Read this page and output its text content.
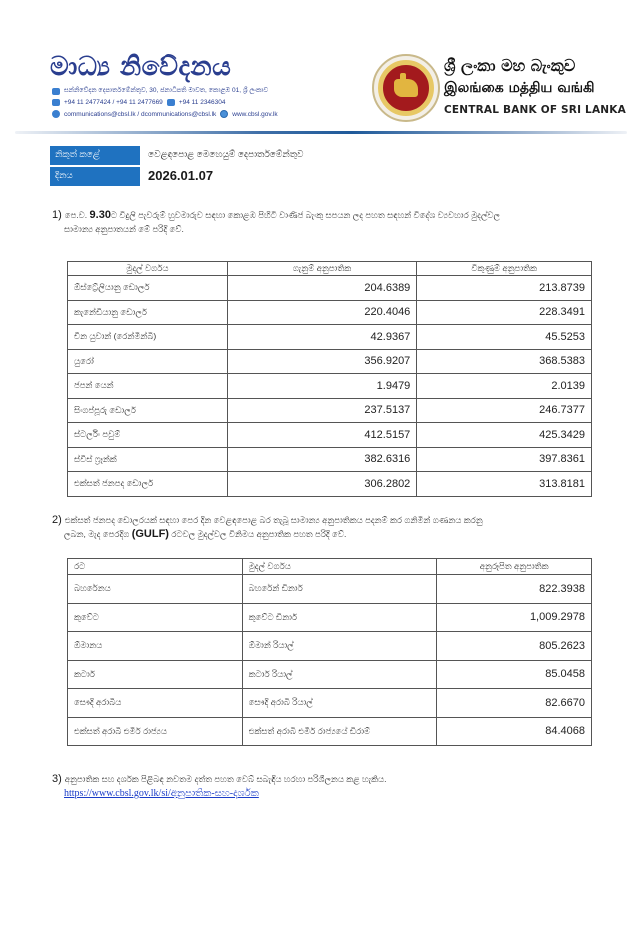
මාධ්‍ය නිවේදනය
සන්නිවේදන දෙපාර්තමේන්තුව, 30, ජනාධිපති මාවත, කොළඹ 01, ශ්‍රී ලංකාව
+94 11 2477424 / +94 11 2477669 +94 11 2346304
communications@cbsl.lk / dcommunications@cbsl.lk www.cbsl.gov.lk
ශ්‍රී ලංකා මහ බැංකුව
இலங்கை மத்திய வங்கி
CENTRAL BANK OF SRI LANKA
නිකුත් කළේ	වෙළඳපොළ මෙහෙයුම් දෙපාර්තමේන්තුව
දිනය	2026.01.07
1) පෙ.ව. 9.30ට විදුලි පැවරුම් හුවමාරුව සඳහා කොළඹ පිහිටි වාණිජ බැංකු සපයන ලද පහත සඳහන් විදේශ ව්‍යවහාර මුදල්වල
සාමාන්‍ය අනුපාතයන් මේ පරිදි වේ.
මුදල් වර්ගය	ගැනුම් අනුපාතික	විකුණුම් අනුපාතික
ඕස්ට්‍රේලියානු ඩොලර්	204.6389	213.8739
කැනේඩියානු ඩොලර්	220.4046	228.3491
චීන යුවාන් (රෙන්මින්බි)	42.9367	45.5253
යුරෝ	356.9207	368.5383
ජපන් යෙන්	1.9479	2.0139
සිංගප්පූරු ඩොලර්	237.5137	246.7377
ස්ටර්ලිං පවුම්	412.5157	425.3429
ස්විස් ෆ්‍රෑන්ක්	382.6316	397.8361
එක්සත් ජනපද ඩොලර්	306.2802	313.8181
2) එක්සත් ජනපද ඩොලරයක් සඳහා පෙර දින වෙළඳපොළ බර තැබූ සාමාන්‍ය අනුපාතිකය පදනම් කර ගනිමින් ගණනය කරනු
ලබන, මැද පෙරදිග (GULF) රටවල මුදල්වල විනිමය අනුපාතික පහත පරිදි වේ.
රට	මුදල් වර්ගය	අනුරූපිත අනුපාතික
බහරේනය	බහරේන් ඩිනාර්	822.3938
කුවේට	කුවේට ඩිනාර්	1,009.2978
ඕමානය	ඕමාන් රියාල්	805.2623
කටාර්	කටාර් රියාල්	85.0458
සෞදි අරාබිය	සෞදි අරාබි රියාල්	82.6670
එක්සත් අරාබි එමීර් රාජ්‍යය	එක්සත් අරාබි එමීර් රාජ්‍යයේ ඩිරාම්	84.4068
3) අනුපාතික සහ දර්ශක පිළිබඳ නවතම දත්ත පහත වෙබ් සබැඳිය හරහා පරිශීලනය කළ හැකිය.
https://www.cbsl.gov.lk/si/අනුපාතික-සහ-දර්ශක
